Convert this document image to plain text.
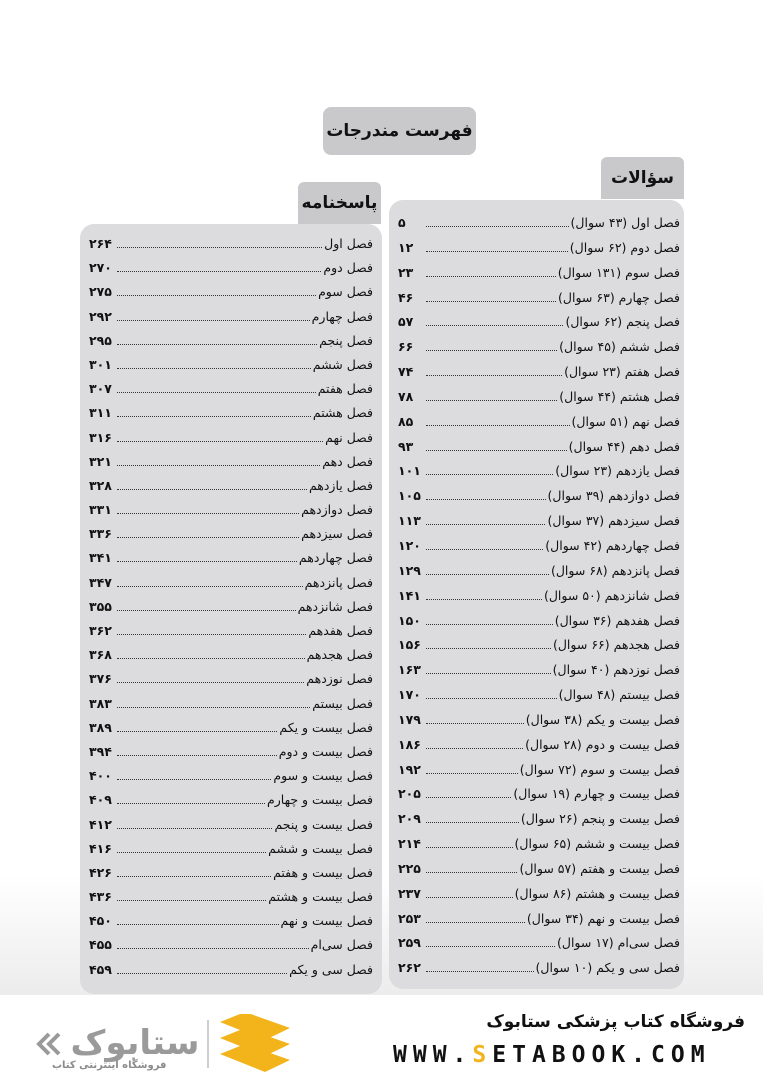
فهرست مندرجات
سؤالات
فصل اول (۴۳ سوال)
۵
فصل دوم (۶۲ سوال)
۱۲
فصل سوم (۱۳۱ سوال)
۲۳
فصل چهارم (۶۳ سوال)
۴۶
فصل پنجم (۶۲ سوال)
۵۷
فصل ششم (۴۵ سوال)
۶۶
فصل هفتم (۲۳ سوال)
۷۴
فصل هشتم (۴۴ سوال)
۷۸
فصل نهم (۵۱ سوال)
۸۵
فصل دهم (۴۴ سوال)
۹۳
فصل یازدهم (۲۳ سوال)
۱۰۱
فصل دوازدهم (۳۹ سوال)
۱۰۵
فصل سیزدهم (۳۷ سوال)
۱۱۳
فصل چهاردهم (۴۲ سوال)
۱۲۰
فصل پانزدهم (۶۸ سوال)
۱۲۹
فصل شانزدهم (۵۰ سوال)
۱۴۱
فصل هفدهم (۳۶ سوال)
۱۵۰
فصل هجدهم (۶۶ سوال)
۱۵۶
فصل نوزدهم (۴۰ سوال)
۱۶۳
فصل بیستم (۴۸ سوال)
۱۷۰
فصل بیست و یکم (۳۸ سوال)
۱۷۹
فصل بیست و دوم (۲۸ سوال)
۱۸۶
فصل بیست و سوم (۷۲ سوال)
۱۹۲
فصل بیست و چهارم (۱۹ سوال)
۲۰۵
فصل بیست و پنجم (۲۶ سوال)
۲۰۹
فصل بیست و ششم (۶۵ سوال)
۲۱۴
فصل بیست و هفتم (۵۷ سوال)
۲۲۵
فصل بیست و هشتم (۸۶ سوال)
۲۳۷
فصل بیست و نهم (۳۴ سوال)
۲۵۳
فصل سی‌ام (۱۷ سوال)
۲۵۹
فصل سی و یکم (۱۰ سوال)
۲۶۲
پاسخنامه
فصل اول
۲۶۴
فصل دوم
۲۷۰
فصل سوم
۲۷۵
فصل چهارم
۲۹۲
فصل پنجم
۲۹۵
فصل ششم
۳۰۱
فصل هفتم
۳۰۷
فصل هشتم
۳۱۱
فصل نهم
۳۱۶
فصل دهم
۳۲۱
فصل یازدهم
۳۲۸
فصل دوازدهم
۳۳۱
فصل سیزدهم
۳۳۶
فصل چهاردهم
۳۴۱
فصل پانزدهم
۳۴۷
فصل شانزدهم
۳۵۵
فصل هفدهم
۳۶۲
فصل هجدهم
۳۶۸
فصل نوزدهم
۳۷۶
فصل بیستم
۳۸۳
فصل بیست و یکم
۳۸۹
فصل بیست و دوم
۳۹۴
فصل بیست و سوم
۴۰۰
فصل بیست و چهارم
۴۰۹
فصل بیست و پنجم
۴۱۲
فصل بیست و ششم
۴۱۶
فصل بیست و هفتم
۴۲۶
فصل بیست و هشتم
۴۳۶
فصل بیست و نهم
۴۵۰
فصل سی‌ام
۴۵۵
فصل سی و یکم
۴۵۹
فروشگاه کتاب پزشکی ستابوک
WWW.SETABOOK.COM
ستابوک
فروشگاه اینترنتی کتاب
